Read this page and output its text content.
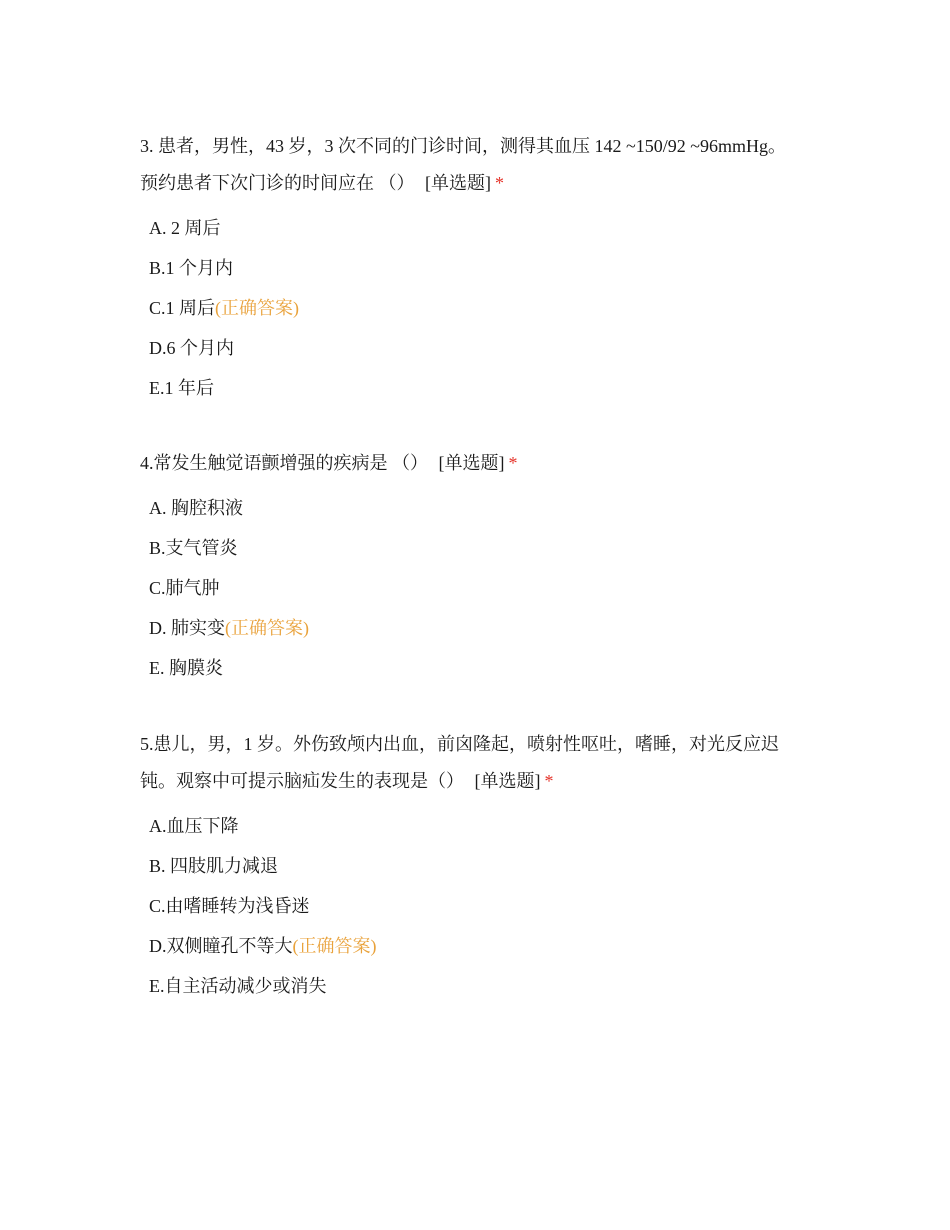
3. 患者，男性，43 岁，3 次不同的门诊时间，测得其血压 142 ~150/92 ~96mmHg。
预约患者下次门诊的时间应在 （） [单选题] *
A. 2 周后
B.1 个月内
C.1 周后(正确答案)
D.6 个月内
E.1 年后
4.常发生触觉语颤增强的疾病是 （） [单选题] *
A. 胸腔积液
B.支气管炎
C.肺气肿
D. 肺实变(正确答案)
E. 胸膜炎
5.患儿，男，1 岁。外伤致颅内出血，前囟隆起，喷射性呕吐，嗜睡，对光反应迟
钝。观察中可提示脑疝发生的表现是（） [单选题] *
A.血压下降
B. 四肢肌力减退
C.由嗜睡转为浅昏迷
D.双侧瞳孔不等大(正确答案)
E.自主活动减少或消失
